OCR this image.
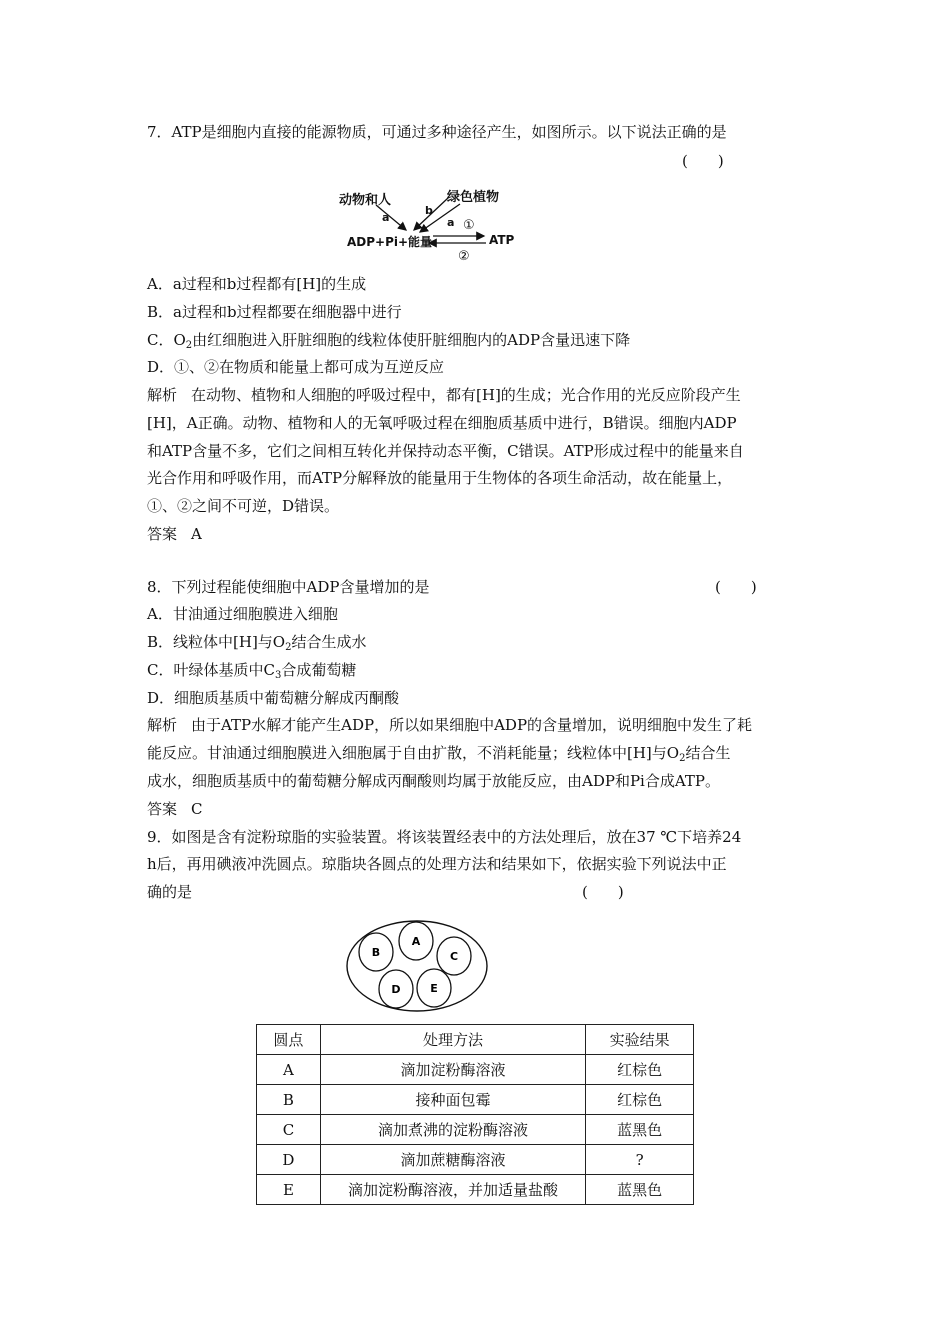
7．ATP是细胞内直接的能源物质，可通过多种途径产生，如图所示。以下说法正确的是
(　　)
动物和人	绿色植物
a
b
a ①
ADP+Pi+能量	ATP
②
A．a过程和b过程都有[H]的生成
B．a过程和b过程都要在细胞器中进行
C．$O_2$由红细胞进入肝脏细胞的线粒体使肝脏细胞内的ADP含量迅速下降
D．①、②在物质和能量上都可成为互逆反应
解析 在动物、植物和人细胞的呼吸过程中，都有[H]的生成；光合作用的光反应阶段产生
[H]，A正确。动物、植物和人的无氧呼吸过程在细胞质基质中进行，B错误。细胞内ADP
和ATP含量不多，它们之间相互转化并保持动态平衡，C错误。ATP形成过程中的能量来自
光合作用和呼吸作用，而ATP分解释放的能量用于生物体的各项生命活动，故在能量上，
①、②之间不可逆，D错误。
答案 A
8．下列过程能使细胞中ADP含量增加的是	(　　)
A．甘油通过细胞膜进入细胞
B．线粒体中[H]与$O_2$结合生成水
C．叶绿体基质中$C_3$合成葡萄糖
D．细胞质基质中葡萄糖分解成丙酮酸
解析 由于ATP水解才能产生ADP，所以如果细胞中ADP的含量增加，说明细胞中发生了耗
能反应。甘油通过细胞膜进入细胞属于自由扩散，不消耗能量；线粒体中[H]与$O_2$结合生
成水，细胞质基质中的葡萄糖分解成丙酮酸则均属于放能反应，由ADP和Pi合成ATP。
答案 C
9．如图是含有淀粉琼脂的实验装置。将该装置经表中的方法处理后，放在37 ℃下培养24
h后，再用碘液冲洗圆点。琼脂块各圆点的处理方法和结果如下，依据实验下列说法中正
确的是	(　　)
A
B	C
D	E
圆点	处理方法	实验结果
A	滴加淀粉酶溶液	红棕色
B	接种面包霉	红棕色
C	滴加煮沸的淀粉酶溶液	蓝黑色
D	滴加蔗糖酶溶液	?
E	滴加淀粉酶溶液，并加适量盐酸	蓝黑色
